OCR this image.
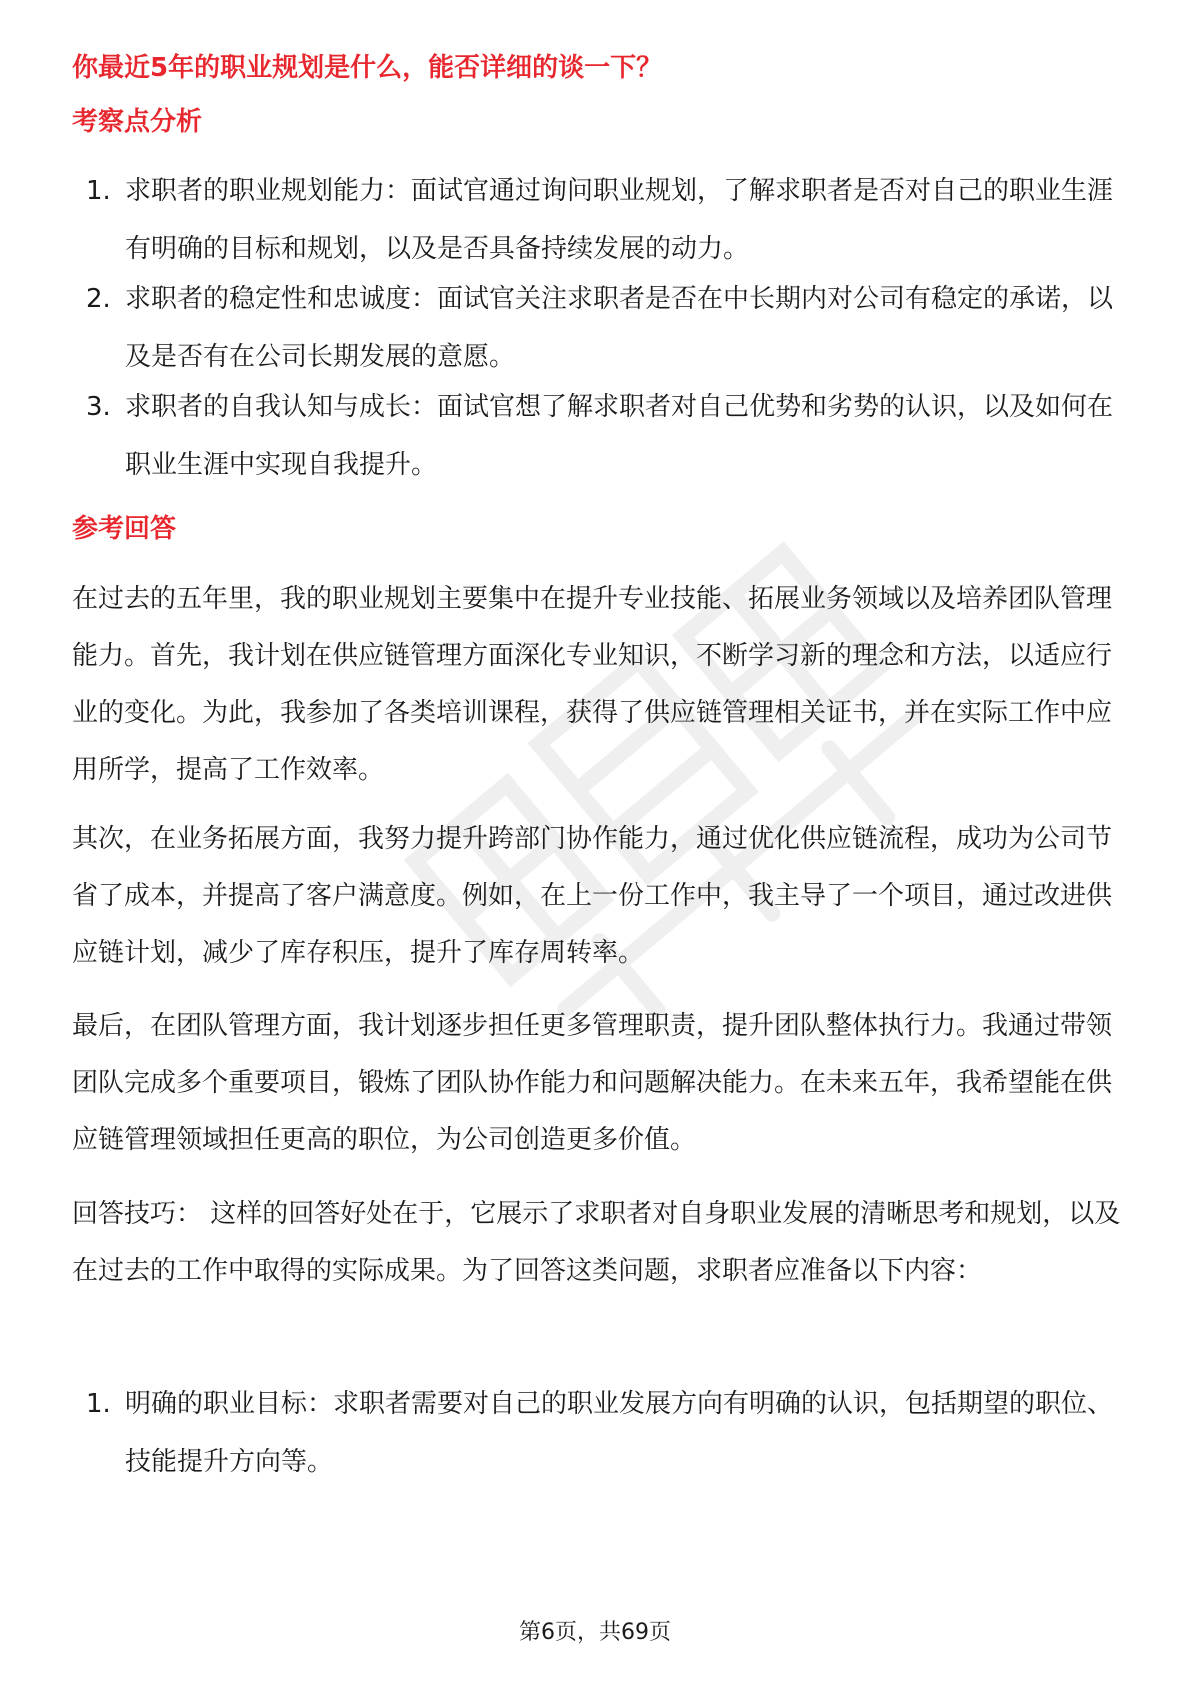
你最近5年的职业规划是什么，能否详细的谈一下？
考察点分析
1. 求职者的职业规划能力：面试官通过询问职业规划，了解求职者是否对自己的职业生涯有明确的目标和规划，以及是否具备持续发展的动力。
2. 求职者的稳定性和忠诚度：面试官关注求职者是否在中长期内对公司有稳定的承诺，以及是否有在公司长期发展的意愿。
3. 求职者的自我认知与成长：面试官想了解求职者对自己优势和劣势的认识，以及如何在职业生涯中实现自我提升。
参考回答
在过去的五年里，我的职业规划主要集中在提升专业技能、拓展业务领域以及培养团队管理能力。首先，我计划在供应链管理方面深化专业知识，不断学习新的理念和方法，以适应行业的变化。为此，我参加了各类培训课程，获得了供应链管理相关证书，并在实际工作中应用所学，提高了工作效率。
其次，在业务拓展方面，我努力提升跨部门协作能力，通过优化供应链流程，成功为公司节省了成本，并提高了客户满意度。例如，在上一份工作中，我主导了一个项目，通过改进供应链计划，减少了库存积压，提升了库存周转率。
最后，在团队管理方面，我计划逐步担任更多管理职责，提升团队整体执行力。我通过带领团队完成多个重要项目，锻炼了团队协作能力和问题解决能力。在未来五年，我希望能在供应链管理领域担任更高的职位，为公司创造更多价值。
回答技巧： 这样的回答好处在于，它展示了求职者对自身职业发展的清晰思考和规划，以及在过去的工作中取得的实际成果。为了回答这类问题，求职者应准备以下内容：
1. 明确的职业目标：求职者需要对自己的职业发展方向有明确的认识，包括期望的职位、技能提升方向等。
第6页，共69页
